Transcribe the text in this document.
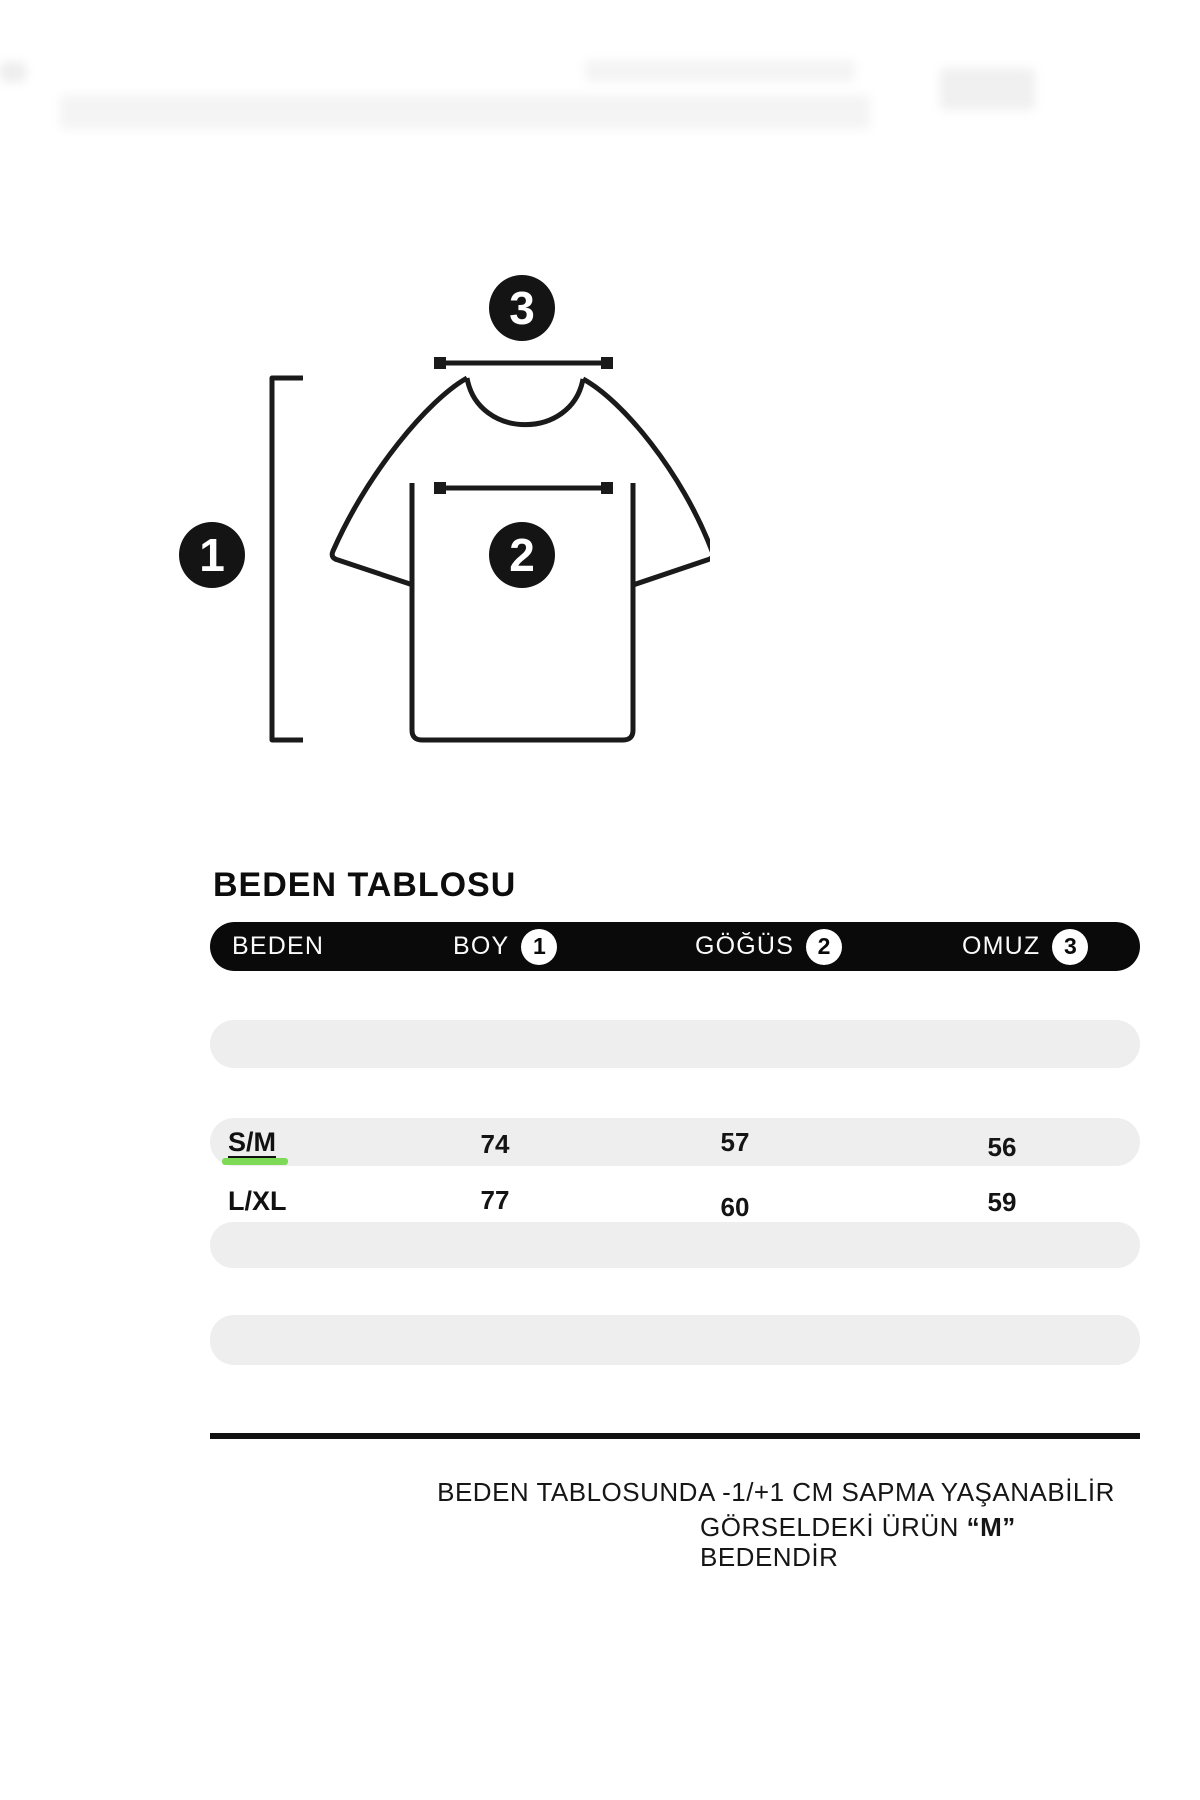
1	2
3
BEDEN TABLOSU
BEDEN	BOY	1	GÖĞÜS	2	OMUZ	3
S/M	74	57	56
L/XL	77	60	59
BEDEN TABLOSUNDA -1/+1 CM SAPMA YAŞANABİLİR
GÖRSELDEKİ ÜRÜN “M”
BEDENDİR
